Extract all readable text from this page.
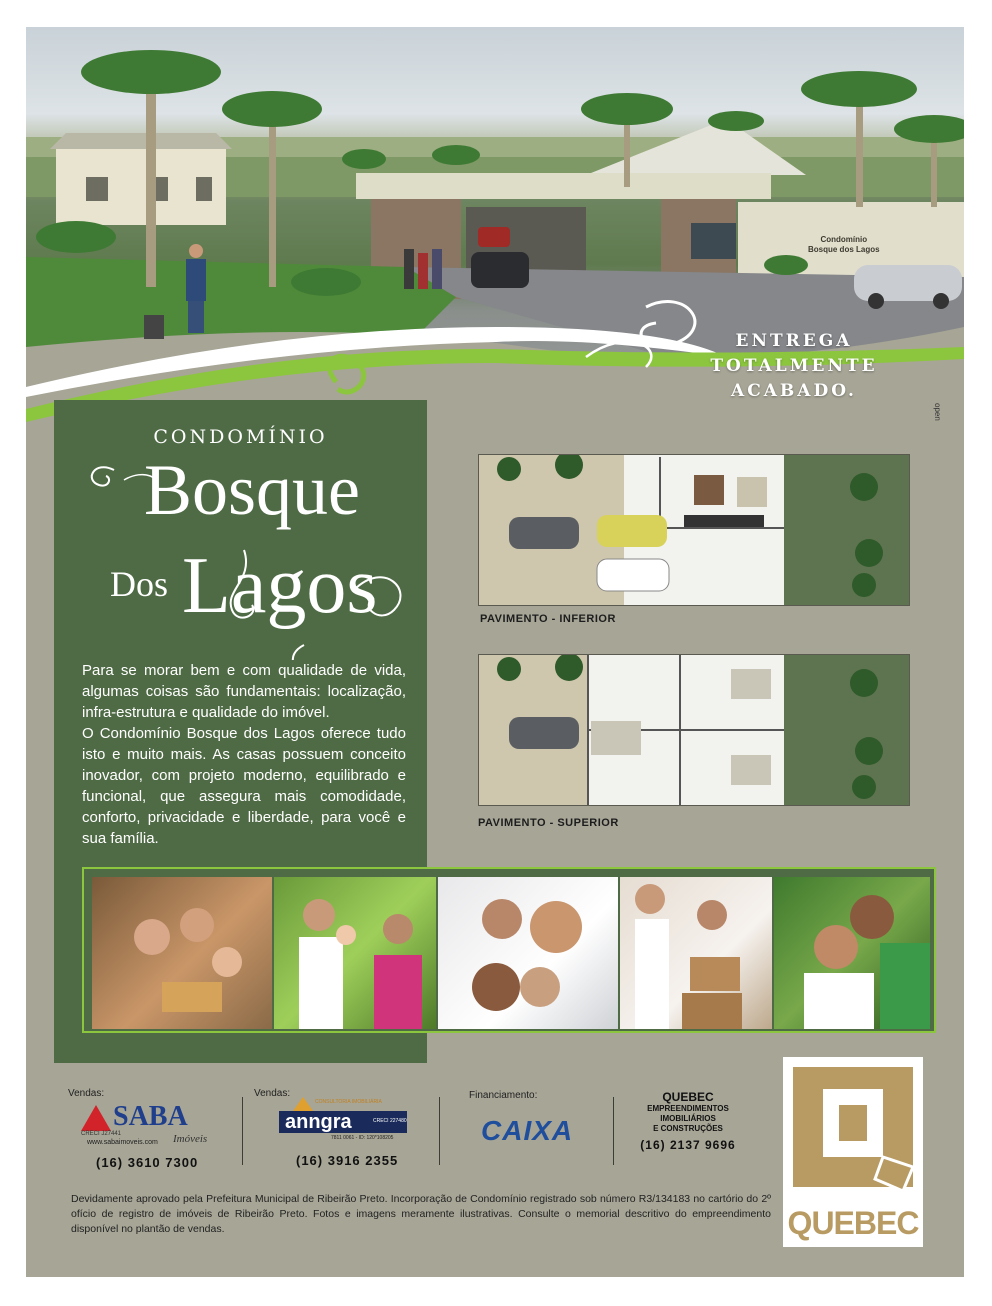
ENTREGA
TOTALMENTE
ACABADO.
Condomínio
Bosque dos Lagos
open
CONDOMÍNIO
Bosque
Dos Lagos

Para se morar bem e com qualidade de vida, algumas coisas são fundamentais: localização, infra-estrutura e qualidade do imóvel.

O Condomínio Bosque dos Lagos oferece tudo isto e muito mais. As casas possuem conceito inovador, com projeto moderno, equilibrado e funcional, que assegura mais comodidade, conforto, privacidade e liberdade, para você e sua família.

PAVIMENTO - INFERIOR
PAVIMENTO - SUPERIOR
Vendas:
SABA
CRECI J27441
www.sabaimoveis.com Imóveis
(16) 3610 7300
Vendas:
CONSULTORIA IMOBILIÁRIA
anngra	CRECI 227480
7811 0061 - ID: 120*108205
(16) 3916 2355
Financiamento:
CAIXA
QUEBEC
EMPREENDIMENTOS
IMOBILIÁRIOS
E CONSTRUÇÕES
(16) 2137 9696
QUEBEC
Devidamente aprovado pela Prefeitura Municipal de Ribeirão Preto. Incorporação de Condomínio registrado sob número R3/134183 no cartório do 2º ofício de registro de imóveis de Ribeirão Preto. Fotos e imagens meramente ilustrativas. Consulte o memorial descritivo do empreendimento disponível no plantão de vendas.
